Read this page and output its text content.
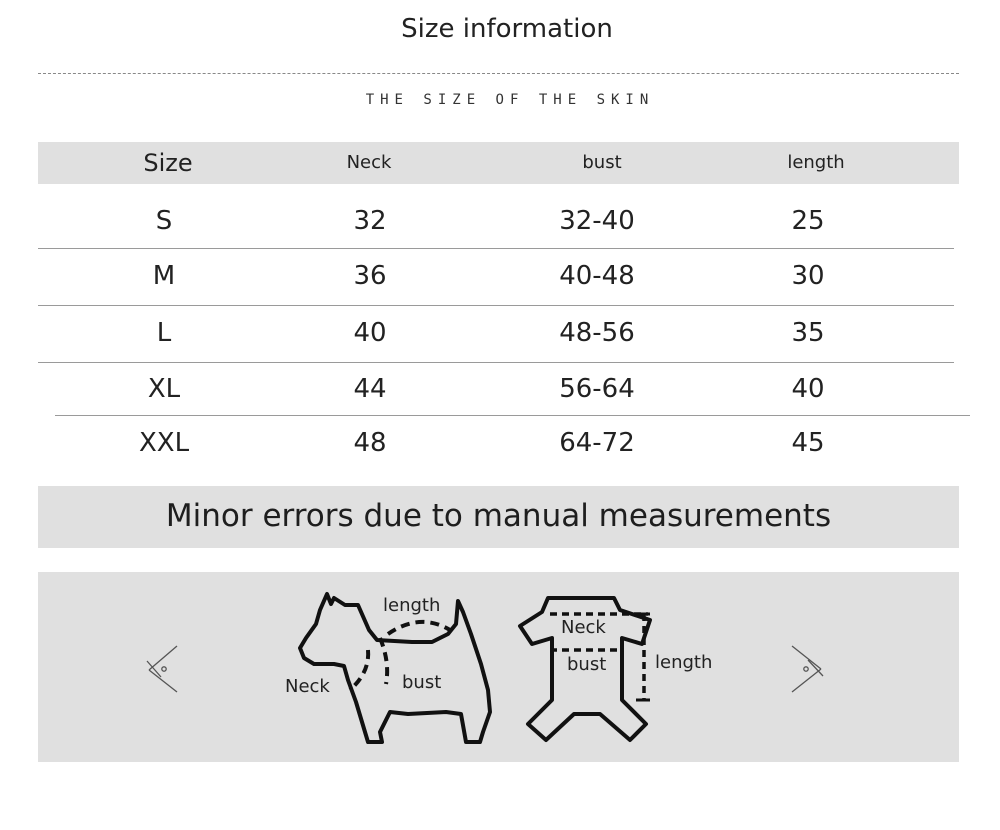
Size information
THE SIZE OF THE SKIN
Size	Neck	bust	length
S	32	32-40	25
M	36	40-48	30
L	40	48-56	35
XL	44	56-64	40
XXL	48	64-72	45
Minor errors due to manual measurements
length
Neck	bust
Neck
bust	length
